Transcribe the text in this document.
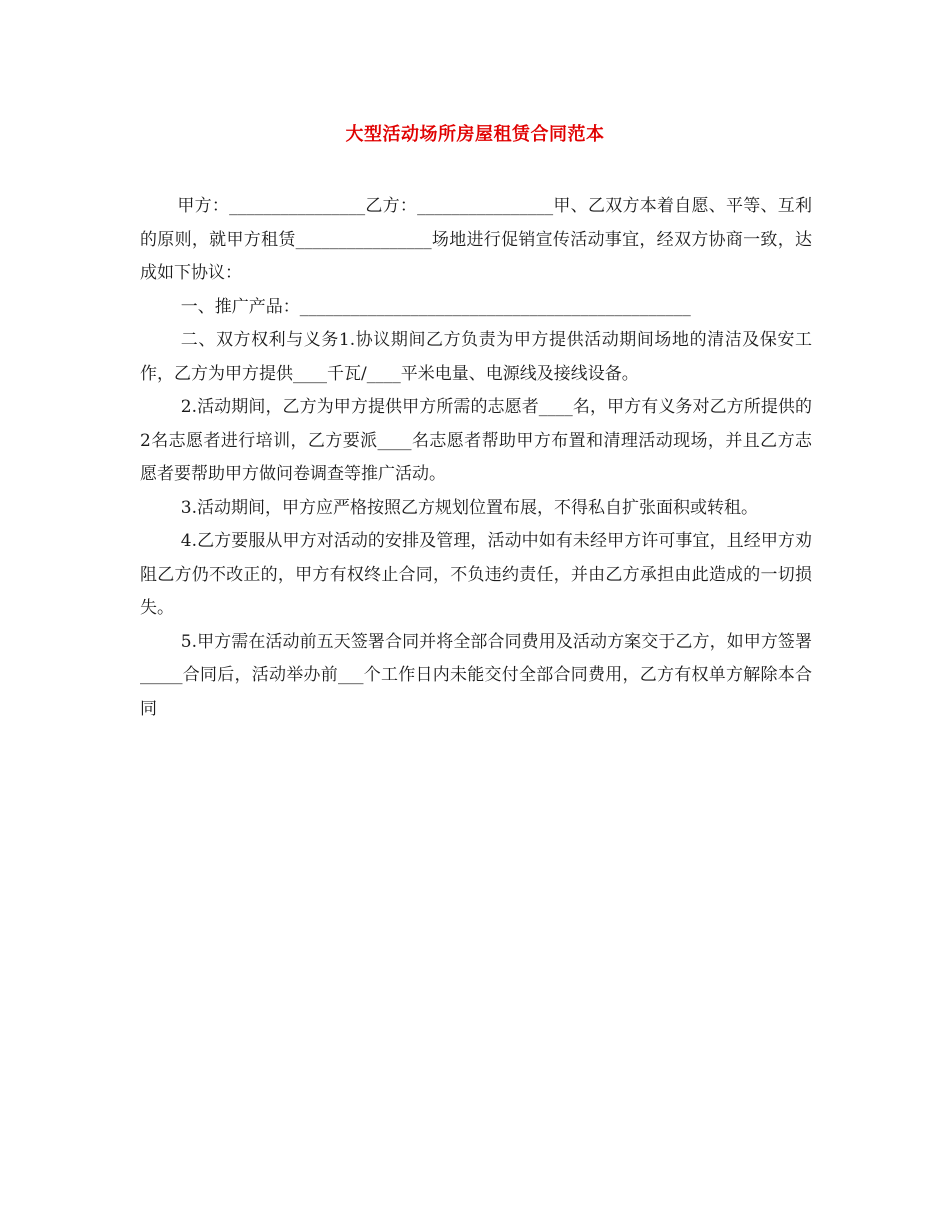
大型活动场所房屋租赁合同范本

甲方：________________乙方：________________甲、乙双方本着自愿、平等、互利的原则，就甲方租赁________________场地进行促销宣传活动事宜，经双方协商一致，达成如下协议：

一、推广产品：______________________________________________

二、双方权利与义务1.协议期间乙方负责为甲方提供活动期间场地的清洁及保安工作，乙方为甲方提供____千瓦/____平米电量、电源线及接线设备。

2.活动期间，乙方为甲方提供甲方所需的志愿者____名，甲方有义务对乙方所提供的2名志愿者进行培训，乙方要派____名志愿者帮助甲方布置和清理活动现场，并且乙方志愿者要帮助甲方做问卷调查等推广活动。

3.活动期间，甲方应严格按照乙方规划位置布展，不得私自扩张面积或转租。

4.乙方要服从甲方对活动的安排及管理，活动中如有未经甲方许可事宜，且经甲方劝阻乙方仍不改正的，甲方有权终止合同，不负违约责任，并由乙方承担由此造成的一切损失。

5.甲方需在活动前五天签署合同并将全部合同费用及活动方案交于乙方，如甲方签署_____合同后，活动举办前___个工作日内未能交付全部合同费用，乙方有权单方解除本合同
